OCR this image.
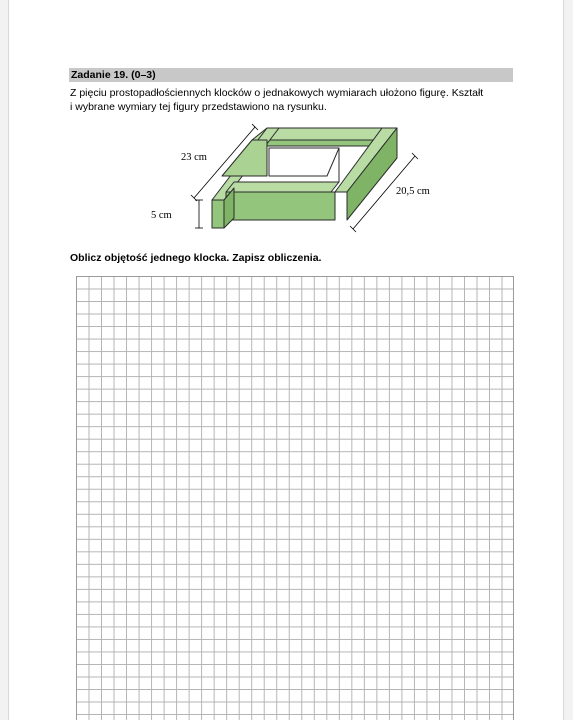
Zadanie 19. (0–3)
Z pięciu prostopadłościennych klocków o jednakowych wymiarach ułożono figurę. Kształt
i wybrane wymiary tej figury przedstawiono na rysunku.
23 cm
20,5 cm
5 cm
Oblicz objętość jednego klocka. Zapisz obliczenia.
